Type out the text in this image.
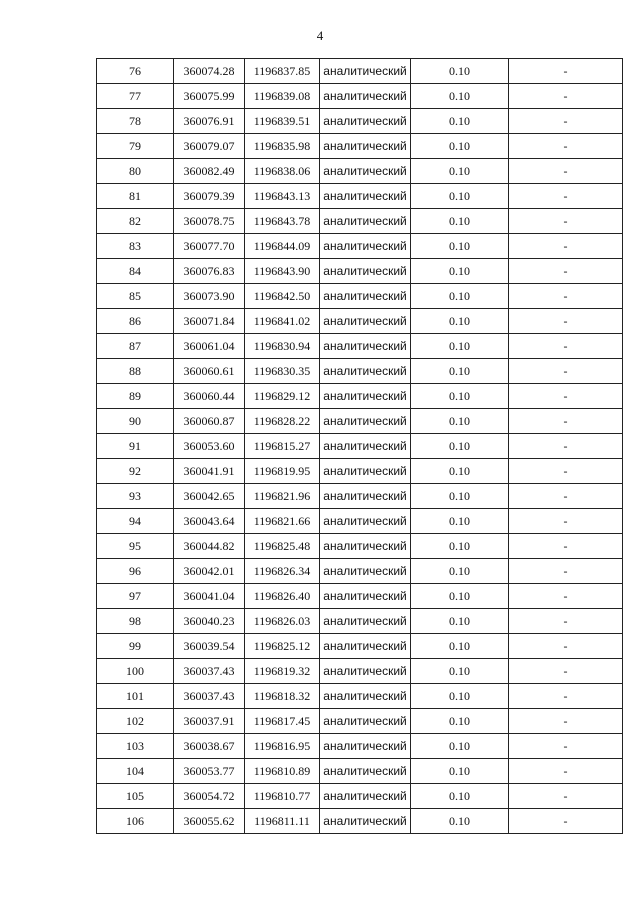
4
76	360074.28	1196837.85	аналитический	0.10	-
77	360075.99	1196839.08	аналитический	0.10	-
78	360076.91	1196839.51	аналитический	0.10	-
79	360079.07	1196835.98	аналитический	0.10	-
80	360082.49	1196838.06	аналитический	0.10	-
81	360079.39	1196843.13	аналитический	0.10	-
82	360078.75	1196843.78	аналитический	0.10	-
83	360077.70	1196844.09	аналитический	0.10	-
84	360076.83	1196843.90	аналитический	0.10	-
85	360073.90	1196842.50	аналитический	0.10	-
86	360071.84	1196841.02	аналитический	0.10	-
87	360061.04	1196830.94	аналитический	0.10	-
88	360060.61	1196830.35	аналитический	0.10	-
89	360060.44	1196829.12	аналитический	0.10	-
90	360060.87	1196828.22	аналитический	0.10	-
91	360053.60	1196815.27	аналитический	0.10	-
92	360041.91	1196819.95	аналитический	0.10	-
93	360042.65	1196821.96	аналитический	0.10	-
94	360043.64	1196821.66	аналитический	0.10	-
95	360044.82	1196825.48	аналитический	0.10	-
96	360042.01	1196826.34	аналитический	0.10	-
97	360041.04	1196826.40	аналитический	0.10	-
98	360040.23	1196826.03	аналитический	0.10	-
99	360039.54	1196825.12	аналитический	0.10	-
100	360037.43	1196819.32	аналитический	0.10	-
101	360037.43	1196818.32	аналитический	0.10	-
102	360037.91	1196817.45	аналитический	0.10	-
103	360038.67	1196816.95	аналитический	0.10	-
104	360053.77	1196810.89	аналитический	0.10	-
105	360054.72	1196810.77	аналитический	0.10	-
106	360055.62	1196811.11	аналитический	0.10	-
